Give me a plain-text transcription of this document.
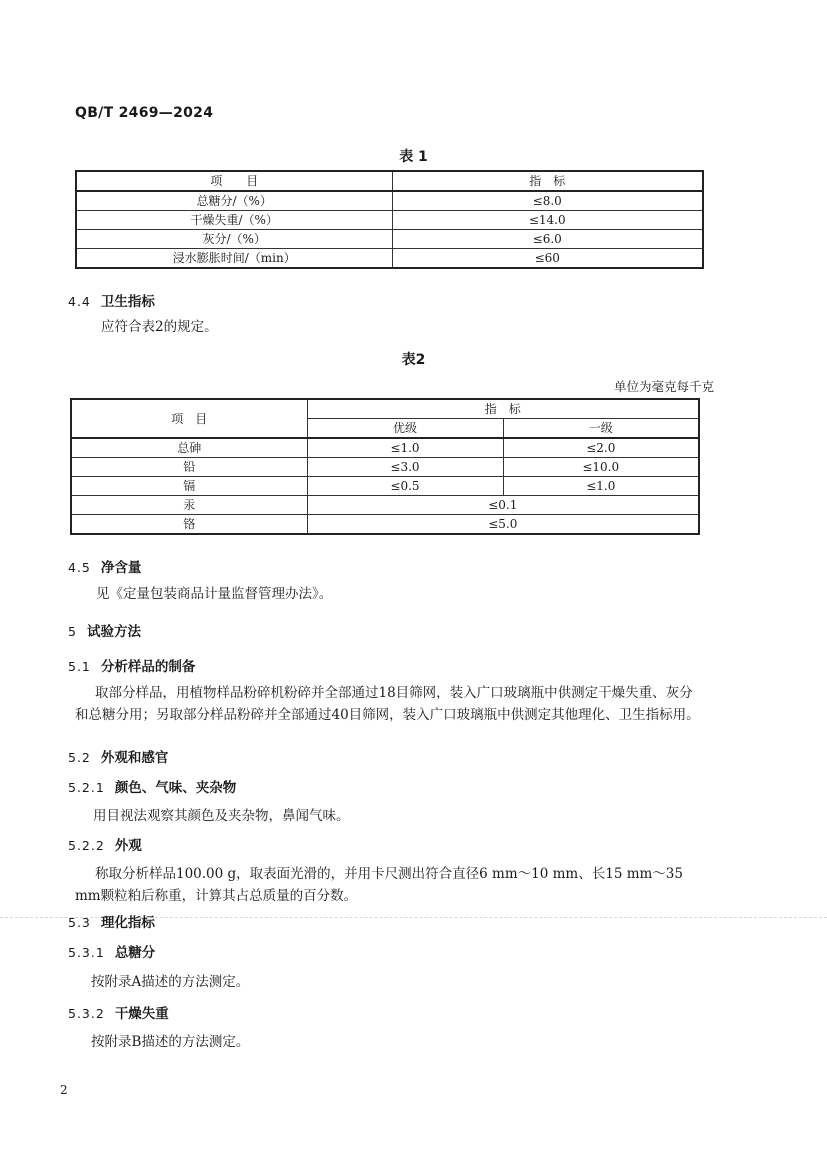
QB/T 2469—2024
表 1
项　　目	指　标
总糖分/（%）	≤8.0
干燥失重/（%）	≤14.0
灰分/（%）	≤6.0
浸水膨胀时间/（min）	≤60
4.4 卫生指标
应符合表2的规定。
表2
单位为毫克每千克
项　目	指　标	
	优级	一级
总砷	≤1.0	≤2.0
铅	≤3.0	≤10.0
镉	≤0.5	≤1.0
汞	≤0.1	
铬	≤5.0	
4.5 净含量
见《定量包装商品计量监督管理办法》。
5 试验方法
5.1 分析样品的制备
取部分样品，用植物样品粉碎机粉碎并全部通过18目筛网，装入广口玻璃瓶中供测定干燥失重、灰分和总糖分用；另取部分样品粉碎并全部通过40目筛网，装入广口玻璃瓶中供测定其他理化、卫生指标用。
5.2 外观和感官
5.2.1 颜色、气味、夹杂物
用目视法观察其颜色及夹杂物，鼻闻气味。
5.2.2 外观
称取分析样品100.00 g，取表面光滑的，并用卡尺测出符合直径6 mm～10 mm、长15 mm～35 mm颗粒粕后称重，计算其占总质量的百分数。
5.3 理化指标
5.3.1 总糖分
按附录A描述的方法测定。
5.3.2 干燥失重
按附录B描述的方法测定。
2
